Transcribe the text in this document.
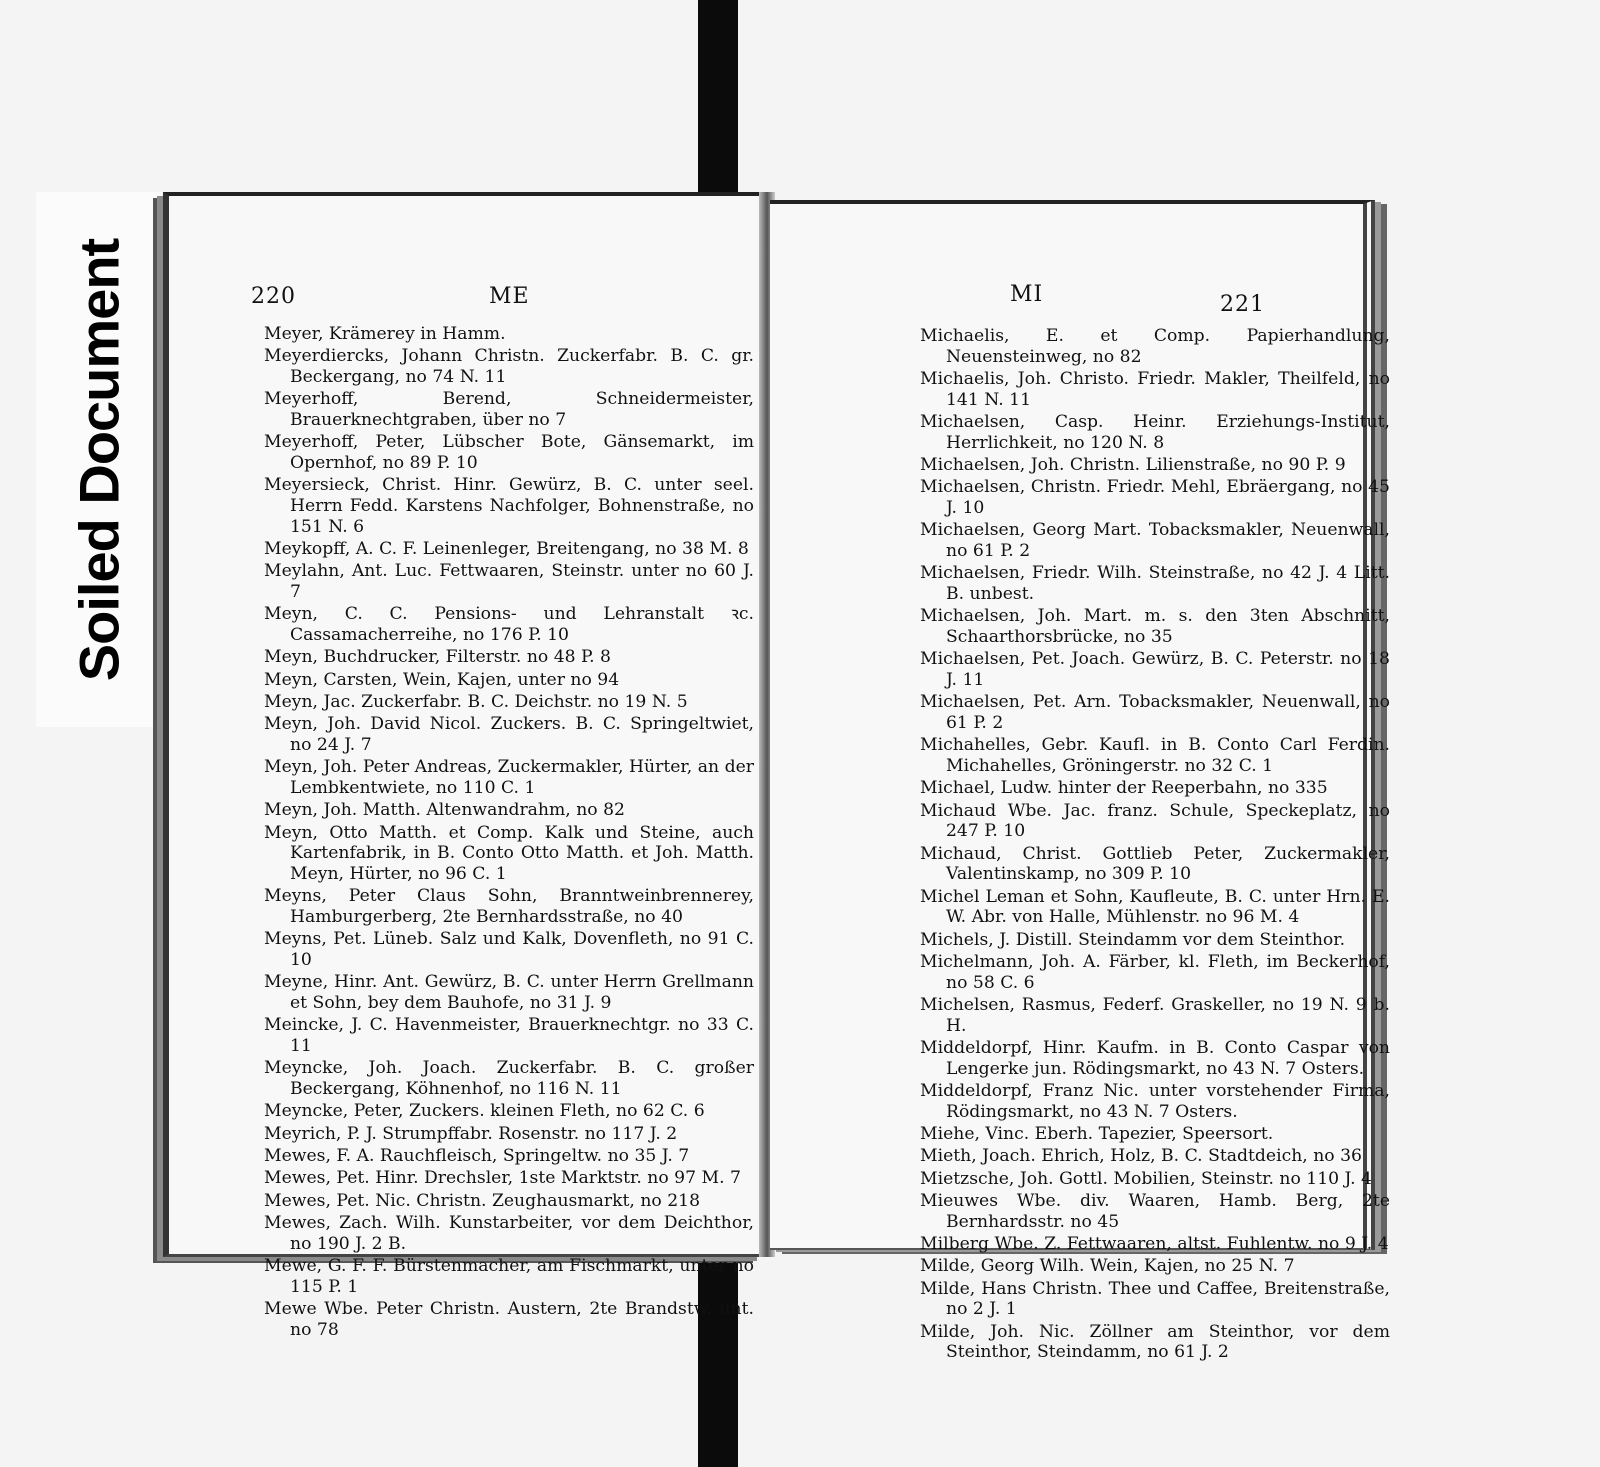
Soiled Document	220	ME
Meyer, Krämerey in Hamm.
Meyerdiercks, Johann Christn. Zuckerfabr. B. C. gr. Beckergang, no 74 N. 11
Meyerhoff, Berend, Schneidermeister, Brauerknechtgraben, über no 7
Meyerhoff, Peter, Lübscher Bote, Gänsemarkt, im Opernhof, no 89 P. 10
Meyersieck, Christ. Hinr. Gewürz, B. C. unter seel. Herrn Fedd. Karstens Nachfolger, Bohnenstraße, no 151 N. 6
Meykopff, A. C. F. Leinenleger, Breitengang, no 38 M. 8
Meylahn, Ant. Luc. Fettwaaren, Steinstr. unter no 60 J. 7
Meyn, C. C. Pensions- und Lehranstalt ꝛc. Cassamacherreihe, no 176 P. 10
Meyn, Buchdrucker, Filterstr. no 48 P. 8
Meyn, Carsten, Wein, Kajen, unter no 94
Meyn, Jac. Zuckerfabr. B. C. Deichstr. no 19 N. 5
Meyn, Joh. David Nicol. Zuckers. B. C. Springeltwiet, no 24 J. 7
Meyn, Joh. Peter Andreas, Zuckermakler, Hürter, an der Lembkentwiete, no 110 C. 1
Meyn, Joh. Matth. Altenwandrahm, no 82
Meyn, Otto Matth. et Comp. Kalk und Steine, auch Kartenfabrik, in B. Conto Otto Matth. et Joh. Matth. Meyn, Hürter, no 96 C. 1
Meyns, Peter Claus Sohn, Branntweinbrennerey, Hamburgerberg, 2te Bernhardsstraße, no 40
Meyns, Pet. Lüneb. Salz und Kalk, Dovenfleth, no 91 C. 10
Meyne, Hinr. Ant. Gewürz, B. C. unter Herrn Grellmann et Sohn, bey dem Bauhofe, no 31 J. 9
Meincke, J. C. Havenmeister, Brauerknechtgr. no 33 C. 11
Meyncke, Joh. Joach. Zuckerfabr. B. C. großer Beckergang, Köhnenhof, no 116 N. 11
Meyncke, Peter, Zuckers. kleinen Fleth, no 62 C. 6
Meyrich, P. J. Strumpffabr. Rosenstr. no 117 J. 2
Mewes, F. A. Rauchfleisch, Springeltw. no 35 J. 7
Mewes, Pet. Hinr. Drechsler, 1ste Marktstr. no 97 M. 7
Mewes, Pet. Nic. Christn. Zeughausmarkt, no 218
Mewes, Zach. Wilh. Kunstarbeiter, vor dem Deichthor, no 190 J. 2 B.
Mewe, G. F. F. Bürstenmacher, am Fischmarkt, unter no 115 P. 1
Mewe Wbe. Peter Christn. Austern, 2te Brandstw. unt. no 78
MI	221
Michaelis, E. et Comp. Papierhandlung, Neuensteinweg, no 82
Michaelis, Joh. Christo. Friedr. Makler, Theilfeld, no 141 N. 11
Michaelsen, Casp. Heinr. Erziehungs-Institut, Herrlichkeit, no 120 N. 8
Michaelsen, Joh. Christn. Lilienstraße, no 90 P. 9
Michaelsen, Christn. Friedr. Mehl, Ebräergang, no 45 J. 10
Michaelsen, Georg Mart. Tobacksmakler, Neuenwall, no 61 P. 2
Michaelsen, Friedr. Wilh. Steinstraße, no 42 J. 4 Litt. B. unbest.
Michaelsen, Joh. Mart. m. s. den 3ten Abschnitt, Schaarthorsbrücke, no 35
Michaelsen, Pet. Joach. Gewürz, B. C. Peterstr. no 18 J. 11
Michaelsen, Pet. Arn. Tobacksmakler, Neuenwall, no 61 P. 2
Michahelles, Gebr. Kaufl. in B. Conto Carl Ferdin. Michahelles, Gröningerstr. no 32 C. 1
Michael, Ludw. hinter der Reeperbahn, no 335
Michaud Wbe. Jac. franz. Schule, Speckeplatz, no 247 P. 10
Michaud, Christ. Gottlieb Peter, Zuckermakler, Valentinskamp, no 309 P. 10
Michel Leman et Sohn, Kaufleute, B. C. unter Hrn. E. W. Abr. von Halle, Mühlenstr. no 96 M. 4
Michels, J. Distill. Steindamm vor dem Steinthor.
Michelmann, Joh. A. Färber, kl. Fleth, im Beckerhof, no 58 C. 6
Michelsen, Rasmus, Federf. Graskeller, no 19 N. 9 b. H.
Middeldorpf, Hinr. Kaufm. in B. Conto Caspar von Lengerke jun. Rödingsmarkt, no 43 N. 7 Osters.
Middeldorpf, Franz Nic. unter vorstehender Firma, Rödingsmarkt, no 43 N. 7 Osters.
Miehe, Vinc. Eberh. Tapezier, Speersort.
Mieth, Joach. Ehrich, Holz, B. C. Stadtdeich, no 36
Mietzsche, Joh. Gottl. Mobilien, Steinstr. no 110 J. 4
Mieuwes Wbe. div. Waaren, Hamb. Berg, 2te Bernhardsstr. no 45
Milberg Wbe. Z. Fettwaaren, altst. Fuhlentw. no 9 J. 4
Milde, Georg Wilh. Wein, Kajen, no 25 N. 7
Milde, Hans Christn. Thee und Caffee, Breitenstraße, no 2 J. 1
Milde, Joh. Nic. Zöllner am Steinthor, vor dem Steinthor, Steindamm, no 61 J. 2
